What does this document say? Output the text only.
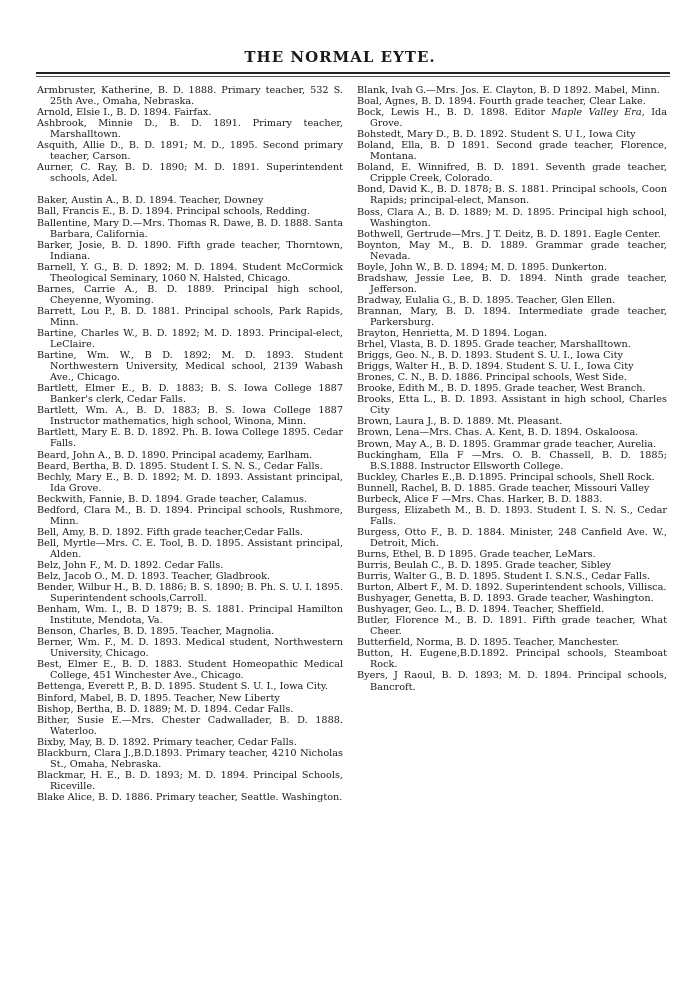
THE NORMAL EYTE.

Armbruster, Katherine, B. D. 1888. Primary teacher, 532 S. 25th Ave., Omaha, Nebraska.

Arnold, Elsie I., B. D. 1894. Fairfax.

Ashbrook, Minnie D., B. D. 1891. Primary teacher, Marshalltown.

Asquith, Allie D., B. D. 1891; M. D., 1895. Second primary teacher, Carson.

Aurner, C. Ray, B. D. 1890; M. D. 1891. Superintendent schools, Adel.

Baker, Austin A., B. D. 1894. Teacher, Downey

Ball, Francis E., B. D. 1894. Principal schools, Redding.

Ballentine, Mary D.—Mrs. Thomas R. Dawe, B. D. 1888. Santa Barbara, California.

Barker, Josie, B. D. 1890. Fifth grade teacher, Thorntown, Indiana.

Barnell, Y. G., B. D. 1892; M. D. 1894. Student McCormick Theological Seminary, 1060 N. Halsted, Chicago.

Barnes, Carrie A., B. D. 1889. Principal high school, Cheyenne, Wyoming.

Barrett, Lou P., B. D. 1881. Principal schools, Park Rapids, Minn.

Bartine, Charles W., B. D. 1892; M. D. 1893. Principal-elect, LeClaire.

Bartine, Wm. W., B D. 1892; M. D. 1893. Student Northwestern University, Medical school, 2139 Wabash Ave., Chicago.

Bartlett, Elmer E., B. D. 1883; B. S. Iowa College 1887 Banker's clerk, Cedar Falls.

Bartlett, Wm. A., B. D. 1883; B. S. Iowa College 1887 Instructor mathematics, high school, Winona, Minn.

Bartlett, Mary E. B. D. 1892. Ph. B. Iowa College 1895. Cedar Falls.

Beard, John A., B. D. 1890. Principal academy, Earlham.

Beard, Bertha, B. D. 1895. Student I. S. N. S., Cedar Falls.

Bechly, Mary E., B. D. 1892; M. D. 1893. Assistant principal, Ida Grove.

Beckwith, Fannie, B. D. 1894. Grade teacher, Calamus.

Bedford, Clara M., B. D. 1894. Principal schools, Rushmore, Minn.

Bell, Amy, B. D. 1892. Fifth grade teacher,Cedar Falls.

Bell, Myrtle—Mrs. C. E. Tool, B. D. 1895. Assistant principal, Alden.

Belz, John F., M. D. 1892. Cedar Falls.

Belz, Jacob O., M. D. 1893. Teacher, Gladbrook.

Bender, Wilbur H., B. D. 1886; B. S. 1890; B. Ph. S. U. I. 1895. Superintendent schools,Carroll.

Benham, Wm. I., B. D 1879; B. S. 1881. Principal Hamilton Institute, Mendota, Va.

Benson, Charles, B. D. 1895. Teacher, Magnolia.

Berner, Wm. F., M. D. 1893. Medical student, Northwestern University, Chicago.

Best, Elmer E., B. D. 1883. Student Homeopathic Medical College, 451 Winchester Ave., Chicago.

Bettenga, Everett P., B. D. 1895. Student S. U. I., Iowa City.

Binford, Mabel, B. D. 1895. Teacher, New Liberty

Bishop, Bertha, B. D. 1889; M. D. 1894. Cedar Falls.

Bither, Susie E.—Mrs. Chester Cadwallader, B. D. 1888. Waterloo.

Bixby, May, B. D. 1892. Primary teacher, Cedar Falls.

Blackburn, Clara J.,B.D.1893. Primary teacher, 4210 Nicholas St., Omaha, Nebraska.

Blackmar, H. E., B. D. 1893; M. D. 1894. Principal Schools, Riceville.

Blake Alice, B. D. 1886. Primary teacher, Seattle. Washington.

Blank, Ivah G.—Mrs. Jos. E. Clayton, B. D 1892. Mabel, Minn.

Boal, Agnes, B. D. 1894. Fourth grade teacher, Clear Lake.

Bock, Lewis H., B. D. 1898. Editor Maple Valley Era, Ida Grove.

Bohstedt, Mary D., B. D. 1892. Student S. U I., Iowa City

Boland, Ella, B. D 1891. Second grade teacher, Florence, Montana.

Boland, E. Winnifred, B. D. 1891. Seventh grade teacher, Cripple Creek, Colorado.

Bond, David K., B. D. 1878; B. S. 1881. Principal schools, Coon Rapids; principal-elect, Manson.

Boss, Clara A., B. D. 1889; M. D. 1895. Principal high school, Washington.

Bothwell, Gertrude—Mrs. J T. Deitz, B. D. 1891. Eagle Center.

Boynton, May M., B. D. 1889. Grammar grade teacher, Nevada.

Boyle, John W., B. D. 1894; M. D. 1895. Dunkerton.

Bradshaw, Jessie Lee, B. D. 1894. Ninth grade teacher, Jefferson.

Bradway, Eulalia G., B. D. 1895. Teacher, Glen Ellen.

Brannan, Mary, B. D. 1894. Intermediate grade teacher, Parkersburg.

Brayton, Henrietta, M. D 1894. Logan.

Brhel, Vlasta, B. D. 1895. Grade teacher, Marshalltown.

Briggs, Geo. N., B. D. 1893. Student S. U. I., Iowa City

Briggs, Walter H., B. D. 1894. Student S. U. I., Iowa City

Brones, C. N., B. D. 1886. Principal schools, West Side.

Brooke, Edith M., B. D. 1895. Grade teacher, West Branch.

Brooks, Etta L., B. D. 1893. Assistant in high school, Charles City

Brown, Laura J., B. D. 1889. Mt. Pleasant.

Brown, Lena—Mrs. Chas. A. Kent, B. D. 1894. Oskaloosa.

Brown, May A., B. D. 1895. Grammar grade teacher, Aurelia.

Buckingham, Ella F —Mrs. O. B. Chassell, B. D. 1885; B.S.1888. Instructor Ellsworth College.

Buckley, Charles E.,B. D.1895. Principal schools, Shell Rock.

Bunnell, Rachel, B. D. 1885. Grade teacher, Missouri Valley

Burbeck, Alice F —Mrs. Chas. Harker, B. D. 1883.

Burgess, Elizabeth M., B. D. 1893. Student I. S. N. S., Cedar Falls.

Burgess, Otto F., B. D. 1884. Minister, 248 Canfield Ave. W., Detroit, Mich.

Burns, Ethel, B. D 1895. Grade teacher, LeMars.

Burris, Beulah C., B. D. 1895. Grade teacher, Sibley

Burris, Walter G., B. D. 1895. Student I. S.N.S., Cedar Falls.

Burton, Albert F., M. D. 1892. Superintendent schools, Villisca.

Bushyager, Genetta, B. D. 1893. Grade teacher, Washington.

Bushyager, Geo. L., B. D. 1894. Teacher, Sheffield.

Butler, Florence M., B. D. 1891. Fifth grade teacher, What Cheer.

Butterfield, Norma, B. D. 1895. Teacher, Manchester.

Button, H. Eugene,B.D.1892. Principal schools, Steamboat Rock.

Byers, J Raoul, B. D. 1893; M. D. 1894. Principal schools, Bancroft.
